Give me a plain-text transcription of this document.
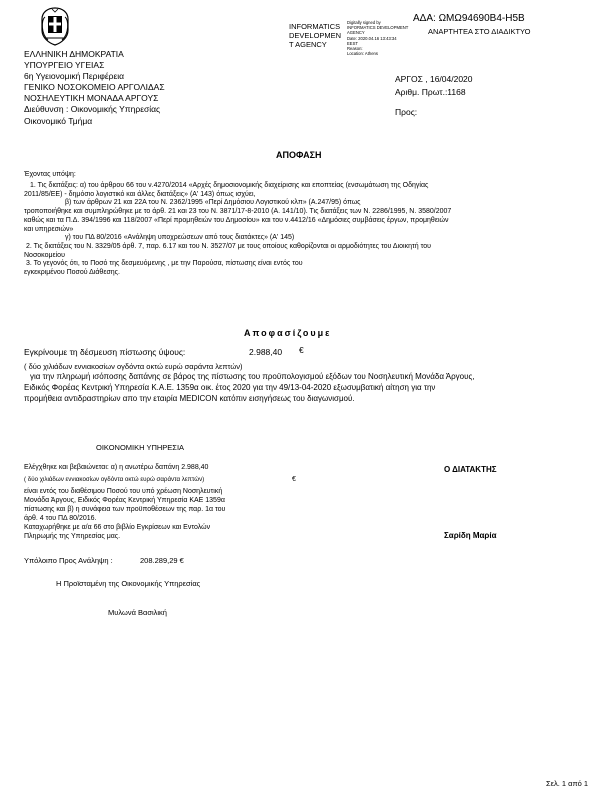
ΑΔΑ: ΩΜΩ94690Β4-Η5Β
ΑΝΑΡΤΗΤΕΑ ΣΤΟ ΔΙΑΔΙΚΤΥΟ
INFORMATICS
DEVELOPMEN
T AGENCY
Digitally signed by
INFORMATICS DEVELOPMENT
AGENCY
Date: 2020.04.16 13:43:34
EEST
Reason:
Location: Athens
ΕΛΛΗΝΙΚΗ ΔΗΜΟΚΡΑΤΙΑ
ΥΠΟΥΡΓΕΙΟ ΥΓΕΙΑΣ
6η Υγειονομική Περιφέρεια
ΓΕΝΙΚΟ ΝΟΣΟΚΟΜΕΙΟ ΑΡΓΟΛΙΔΑΣ
ΝΟΣΗΛΕΥΤΙΚΗ ΜΟΝΑΔΑ ΑΡΓΟΥΣ
Διεύθυνση : Οικονομικής Υπηρεσίας
Οικονομικό Τμήμα
ΑΡΓΟΣ , 16/04/2020
Αριθμ. Πρωτ.:1168
Προς:
ΑΠΟΦΑΣΗ
Έχοντας υπόψη:
1. Τις διατάξεις: α) του άρθρου 66 του ν.4270/2014 «Αρχές δημοσιονομικής διαχείρισης και εποπτείας (ενσωμάτωση της Οδηγίας
2011/85/ΕΕ) - δημόσιο λογιστικό και άλλες διατάξεις» (Α' 143) όπως ισχύει,
β) των άρθρων 21 και 22Α του Ν. 2362/1995 «Περί Δημόσιου Λογιστικού κλπ» (Α.247/95) όπως
τροποποιήθηκε και συμπληρώθηκε με το άρθ. 21 και 23 του Ν. 3871/17-8-2010 (Α. 141/10). Τις διατάξεις των Ν. 2286/1995, Ν. 3580/2007
καθώς και τα Π.Δ. 394/1996 και 118/2007 «Περί προμηθειών του Δημοσίου» και του ν.4412/16 «Δημόσιες συμβάσεις έργων, προμηθειών
και υπηρεσιών»
γ) του ΠΔ 80/2016 «Ανάληψη υποχρεώσεων από τους διατάκτες» (Α' 145)
2. Τις διατάξεις του Ν. 3329/05 άρθ. 7, παρ. 6.17 και του Ν. 3527/07 με τους οποίους καθορίζονται οι αρμοδιότητες του Διοικητή του
Νοσοκομείου
3. Το γεγονός ότι, το Ποσό της δεσμευόμενης , με την Παρούσα, πίστωσης είναι εντός του
εγκεκριμένου Ποσού Διάθεσης.
Αποφασίζουμε
Εγκρίνουμε τη δέσμευση πίστωσης ύψους:	2.988,40 €
( δύο χιλιάδων εννιακοσίων ογδόντα οκτώ ευρώ σαράντα λεπτών)
για την πληρωμή ισόποσης δαπάνης σε βάρος της πίστωσης του προϋπολογισμού εξόδων του Νοσηλευτική Μονάδα Άργους,
Ειδικός Φορέας Κεντρική Υπηρεσία Κ.Α.Ε. 1359α οικ. έτος 2020 για την 49/13-04-2020 εξωσυμβατική αίτηση για την
προμήθεια αντιδραστηρίων απο την εταιρία MEDICON κατόπιν εισηγήσεως του διαγωνισμού.
ΟΙΚΟΝΟΜΙΚΗ ΥΠΗΡΕΣΙΑ
Ελέγχθηκε και βεβαιώνεται: α) η ανωτέρω δαπάνη 2.988,40
( δύο χιλιάδων εννιακοσίων ογδόντα οκτώ ευρώ σαράντα λεπτών)	€
είναι εντός του διαθέσιμου Ποσού του υπό χρέωση Νοσηλευτική
Μονάδα Άργους, Ειδικός Φορέας Κεντρική Υπηρεσία ΚΑΕ 1359α
πίστωσης και β) η συνάφεια των προϋποθέσεων της παρ. 1α του
άρθ. 4 του ΠΔ 80/2016.
Καταχωρήθηκε με α/α 66 στο βιβλίο Εγκρίσεων και Εντολών
Πληρωμής της Υπηρεσίας μας.
Υπόλοιπο Προς Ανάληψη :	208.289,29 €
Η Προϊσταμένη της Οικονομικής Υπηρεσίας
Μυλωνά Βασιλική
Ο ΔΙΑΤΑΚΤΗΣ
Σαρίδη Μαρία
Σελ. 1 από 1
